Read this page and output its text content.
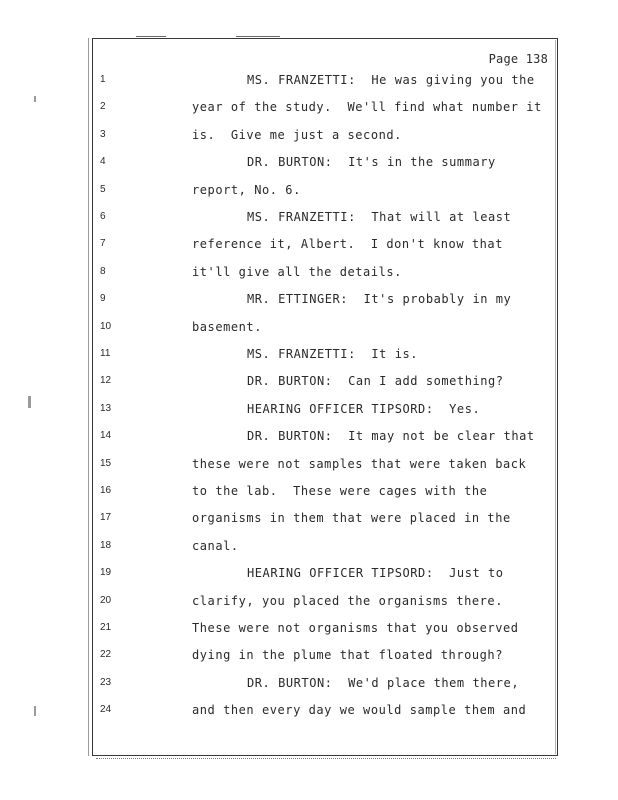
Page 138
1	MS. FRANZETTI:  He was giving you the
2	year of the study.  We'll find what number it
3	is.  Give me just a second.
4	DR. BURTON:  It's in the summary
5	report, No. 6.
6	MS. FRANZETTI:  That will at least
7	reference it, Albert.  I don't know that
8	it'll give all the details.
9	MR. ETTINGER:  It's probably in my
10	basement.
11	MS. FRANZETTI:  It is.
12	DR. BURTON:  Can I add something?
13	HEARING OFFICER TIPSORD:  Yes.
14	DR. BURTON:  It may not be clear that
15	these were not samples that were taken back
16	to the lab.  These were cages with the
17	organisms in them that were placed in the
18	canal.
19	HEARING OFFICER TIPSORD:  Just to
20	clarify, you placed the organisms there.
21	These were not organisms that you observed
22	dying in the plume that floated through?
23	DR. BURTON:  We'd place them there,
24	and then every day we would sample them and
